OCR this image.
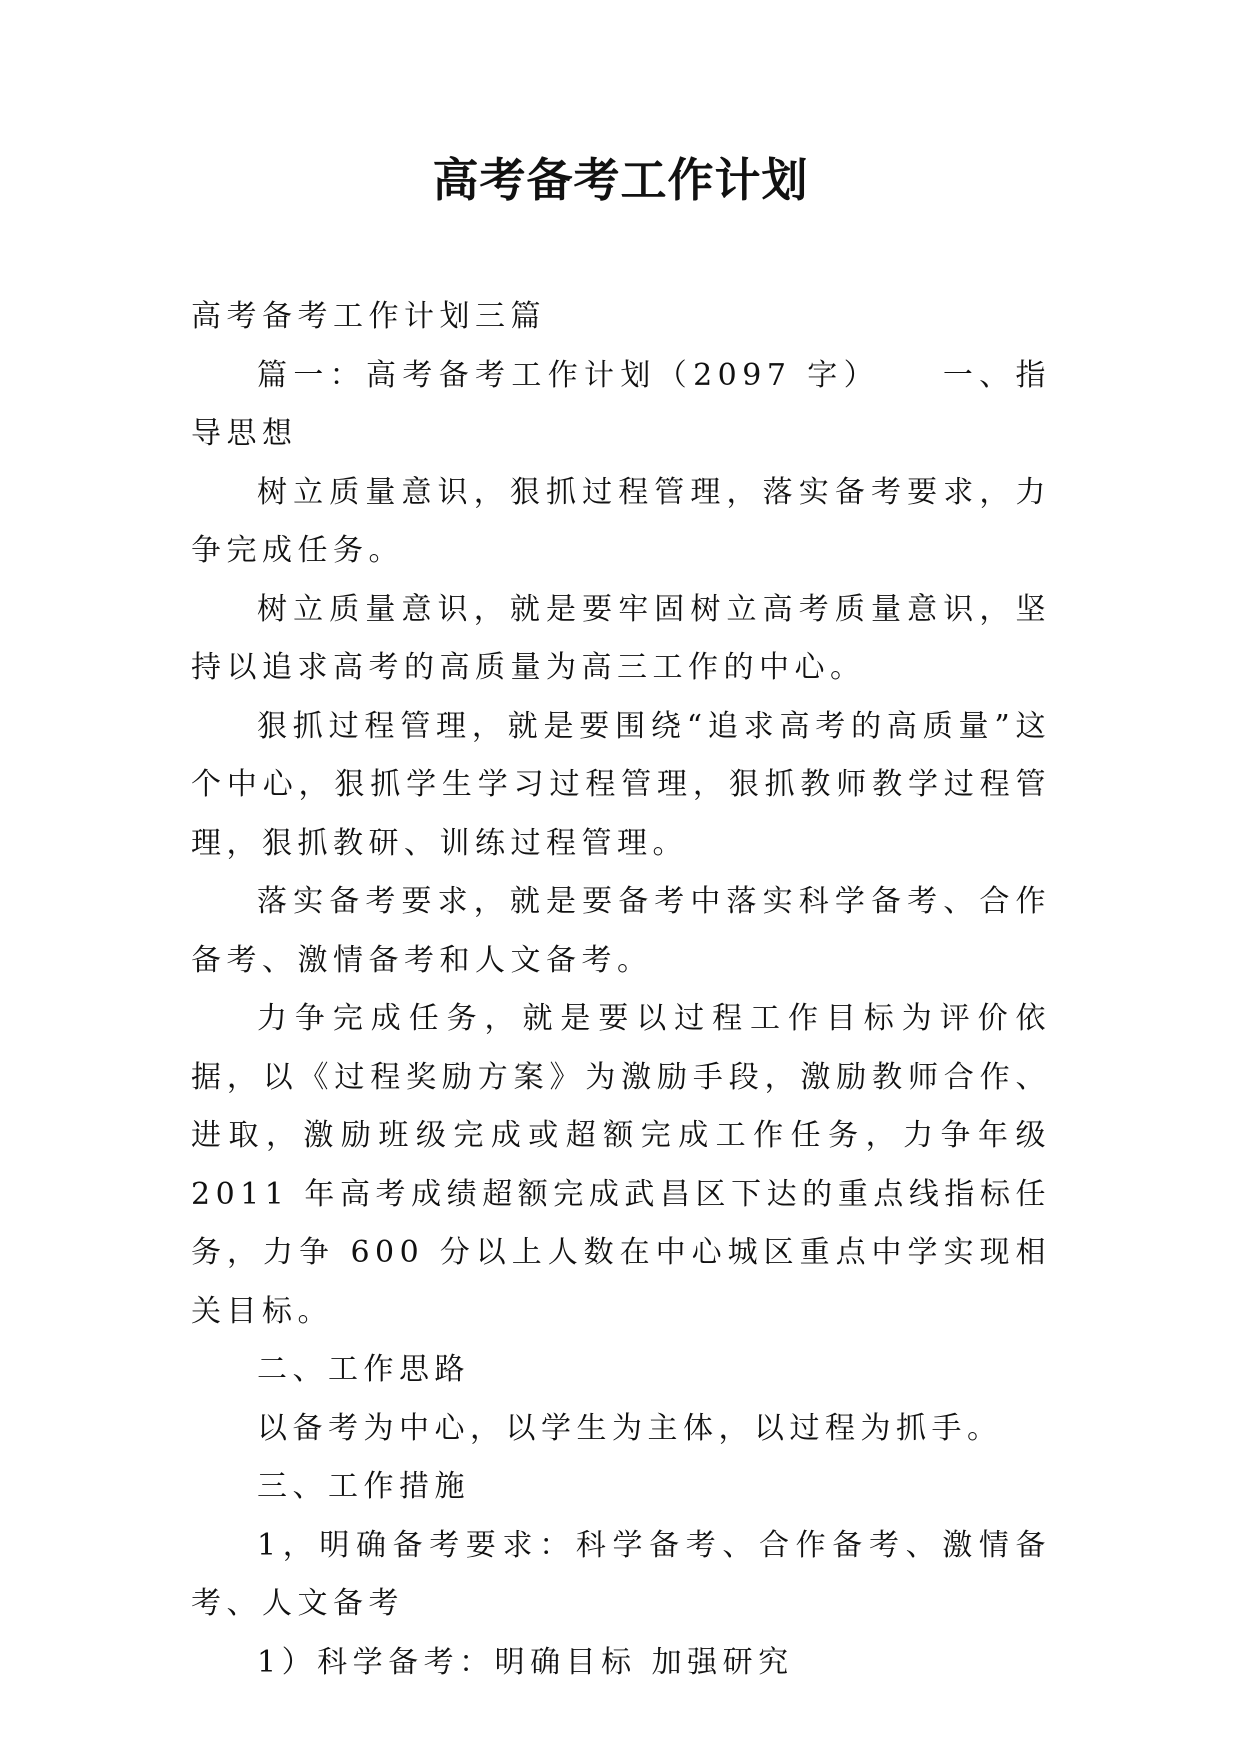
高考备考工作计划

高考备考工作计划三篇

篇一：高考备考工作计划（2097 字） 一、指导思想

树立质量意识，狠抓过程管理，落实备考要求，力争完成任务。

树立质量意识，就是要牢固树立高考质量意识，坚持以追求高考的高质量为高三工作的中心。

狠抓过程管理，就是要围绕“追求高考的高质量”这个中心，狠抓学生学习过程管理，狠抓教师教学过程管理，狠抓教研、训练过程管理。

落实备考要求，就是要备考中落实科学备考、合作备考、激情备考和人文备考。

力争完成任务，就是要以过程工作目标为评价依据，以《过程奖励方案》为激励手段，激励教师合作、进取，激励班级完成或超额完成工作任务，力争年级 2011 年高考成绩超额完成武昌区下达的重点线指标任务，力争 600 分以上人数在中心城区重点中学实现相关目标。

二、工作思路

以备考为中心，以学生为主体，以过程为抓手。

三、工作措施

1，明确备考要求：科学备考、合作备考、激情备考、人文备考

1）科学备考：明确目标 加强研究
